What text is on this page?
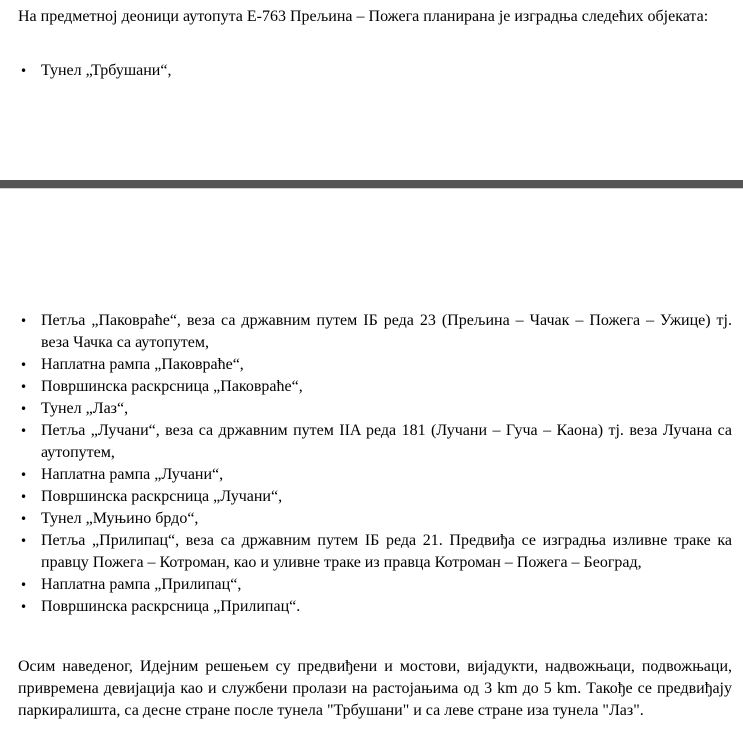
На предметној деоници аутопута Е-763 Прељина – Пожега планирана је изградња следећих објеката:

• Тунел „Трбушани“,
• Петља „Паковраће“, веза са државним путем IБ реда 23 (Прељина – Чачак – Пожега – Ужице) тј. веза Чачка са аутопутем,
• Наплатна рампа „Паковраће“,
• Површинска раскрсница „Паковраће“,
• Тунел „Лаз“,
• Петља „Лучани“, веза са државним путем IIA реда 181 (Лучани – Гуча – Каона) тј. веза Лучана са аутопутем,
• Наплатна рампа „Лучани“,
• Површинска раскрсница „Лучани“,
• Тунел „Муњино брдо“,
• Петља „Прилипац“, веза са државним путем IБ реда 21. Предвиђа се изградња изливне траке ка правцу Пожега – Котроман, као и уливне траке из правца Котроман – Пожега – Београд,
• Наплатна рампа „Прилипац“,
• Површинска раскрсница „Прилипац“.

Осим наведеног, Идејним решењем су предвиђени и мостови, вијадукти, надвожњаци, подвожњаци, привремена девијација као и службени пролази на растојањима од 3 km до 5 km. Такође се предвиђају паркиралишта, са десне стране после тунела "Трбушани" и са леве стране иза тунела "Лаз".
